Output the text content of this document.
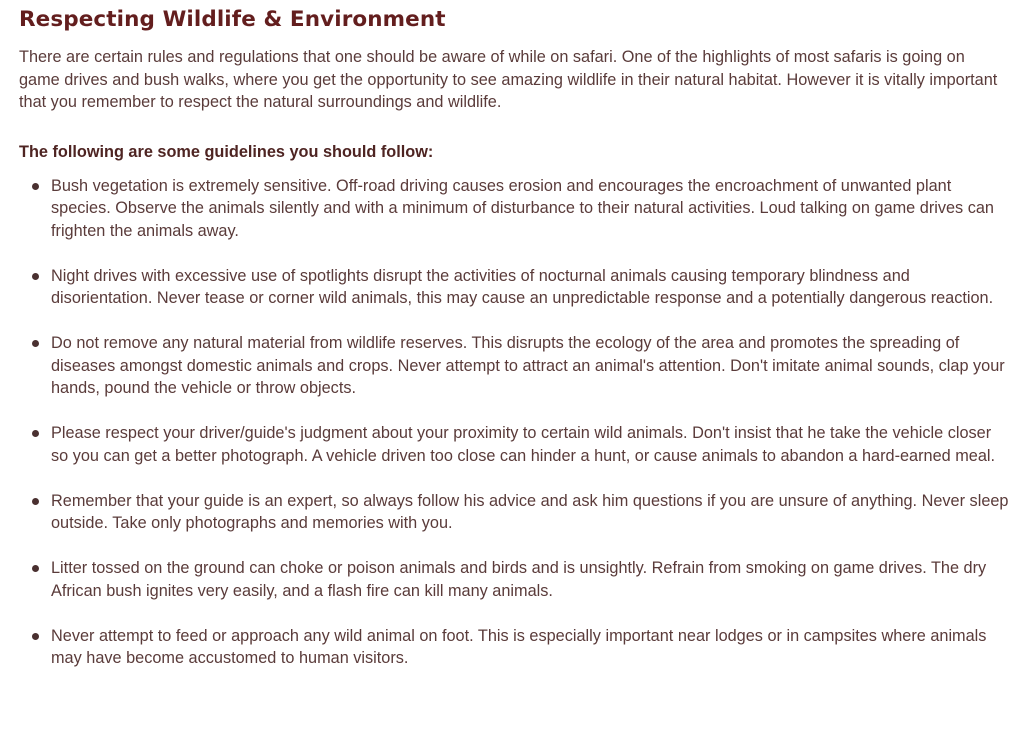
Respecting Wildlife & Environment

There are certain rules and regulations that one should be aware of while on safari. One of the highlights of most safaris is going on game drives and bush walks, where you get the opportunity to see amazing wildlife in their natural habitat. However it is vitally important that you remember to respect the natural surroundings and wildlife.

The following are some guidelines you should follow:

Bush vegetation is extremely sensitive. Off-road driving causes erosion and encourages the encroachment of unwanted plant species. Observe the animals silently and with a minimum of disturbance to their natural activities. Loud talking on game drives can frighten the animals away.
Night drives with excessive use of spotlights disrupt the activities of nocturnal animals causing temporary blindness and disorientation. Never tease or corner wild animals, this may cause an unpredictable response and a potentially dangerous reaction.
Do not remove any natural material from wildlife reserves. This disrupts the ecology of the area and promotes the spreading of diseases amongst domestic animals and crops. Never attempt to attract an animal's attention. Don't imitate animal sounds, clap your hands, pound the vehicle or throw objects.
Please respect your driver/guide's judgment about your proximity to certain wild animals. Don't insist that he take the vehicle closer so you can get a better photograph. A vehicle driven too close can hinder a hunt, or cause animals to abandon a hard-earned meal.
Remember that your guide is an expert, so always follow his advice and ask him questions if you are unsure of anything. Never sleep outside. Take only photographs and memories with you.
Litter tossed on the ground can choke or poison animals and birds and is unsightly. Refrain from smoking on game drives. The dry African bush ignites very easily, and a flash fire can kill many animals.
Never attempt to feed or approach any wild animal on foot. This is especially important near lodges or in campsites where animals may have become accustomed to human visitors.
